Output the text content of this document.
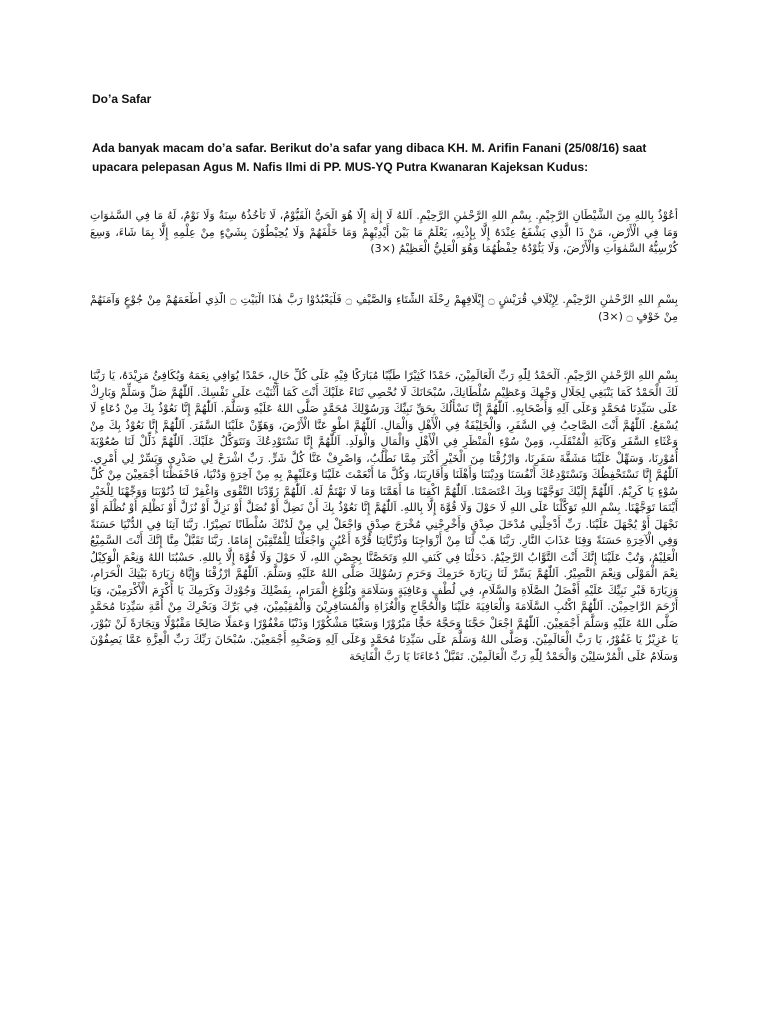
Do’a Safar
Ada banyak macam do’a safar. Berikut do’a safar yang dibaca KH. M. Arifin Fanani (25/08/16) saat upacara pelepasan Agus M. Nafis Ilmi di PP. MUS-YQ Putra Kwanaran Kajeksan Kudus:
أَعُوْذُ بِاللهِ مِنَ الشَّيْطَانِ الرَّجِيْمِ. بِسْمِ اللهِ الرَّحْمٰنِ الرَّحِيْمِ. اَللهُ لَا إِلٰهَ إِلَّا هُوَ الْحَيُّ الْقَيُّوْمُ، لَا تَأْخُذُهُ سِنَةٌ وَلَا نَوْمٌ، لَهُ مَا فِي السَّمٰوَاتِ وَمَا فِي الْأَرْضِ، مَنْ ذَا الَّذِي يَشْفَعُ عِنْدَهُ إِلَّا بِإِذْنِهِ، يَعْلَمُ مَا بَيْنَ أَيْدِيْهِمْ وَمَا خَلْفَهُمْ وَلَا يُحِيْطُوْنَ بِشَيْءٍ مِنْ عِلْمِهِ إِلَّا بِمَا شَاءَ، وَسِعَ كُرْسِيُّهُ السَّمٰوَاتِ وَالْأَرْضَ، وَلَا يَئُوْدُهُ حِفْظُهُمَا وَهُوَ الْعَلِيُّ الْعَظِيْمُ (×3)
بِسْمِ اللهِ الرَّحْمٰنِ الرَّحِيْمِ. لِإِيْلَافِ قُرَيْشٍ ۝ إِيْلَافِهِمْ رِحْلَةَ الشِّتَاءِ وَالصَّيْفِ ۝ فَلْيَعْبُدُوْا رَبَّ هٰذَا الْبَيْتِ ۝ الَّذِي أَطْعَمَهُمْ مِنْ جُوْعٍ وَآمَنَهُمْ مِنْ خَوْفٍ ۝ (×3)
بِسْمِ اللهِ الرَّحْمٰنِ الرَّحِيْمِ. اَلْحَمْدُ لِلّٰهِ رَبِّ الْعَالَمِيْنَ، حَمْدًا كَثِيْرًا طَيِّبًا مُبَارَكًا فِيْهِ عَلَى كُلِّ حَالٍ، حَمْدًا يُوَافِي نِعَمَهُ وَيُكَافِئُ مَزِيْدَهُ، يَا رَبَّنَا لَكَ الْحَمْدُ كَمَا يَنْبَغِي لِجَلَالِ وَجْهِكَ وَعَظِيْمِ سُلْطَانِكَ، سُبْحَانَكَ لَا نُحْصِي ثَنَاءً عَلَيْكَ أَنْتَ كَمَا أَثْنَيْتَ عَلَى نَفْسِكَ. اَللّٰهُمَّ صَلِّ وَسَلِّمْ وَبَارِكْ عَلَى سَيِّدِنَا مُحَمَّدٍ وَعَلَى آلِهِ وَأَصْحَابِهِ. اَللّٰهُمَّ إِنَّا نَسْأَلُكَ بِحَقِّ نَبِيِّكَ وَرَسُوْلِكَ مُحَمَّدٍ صَلَّى اللهُ عَلَيْهِ وَسَلَّمَ. اَللّٰهُمَّ إِنَّا نَعُوْذُ بِكَ مِنْ دُعَاءٍ لَا يُسْمَعُ. اَللّٰهُمَّ أَنْتَ الصَّاحِبُ فِي السَّفَرِ، وَالْخَلِيْفَةُ فِي الْأَهْلِ وَالْمَالِ. اَللّٰهُمَّ اطْوِ عَنَّا الْأَرْضَ، وَهَوِّنْ عَلَيْنَا السَّفَرَ. اَللّٰهُمَّ إِنَّا نَعُوْذُ بِكَ مِنْ وَعْثَاءِ السَّفَرِ وَكَآبَةِ الْمُنْقَلَبِ، وَمِنْ سُوْءِ الْمَنْظَرِ فِي الْأَهْلِ وَالْمَالِ وَالْوَلَدِ. اَللّٰهُمَّ إِنَّا نَسْتَوْدِعُكَ وَنَتَوَكَّلُ عَلَيْكَ. اَللّٰهُمَّ ذَلِّلْ لَنَا صُعُوْبَةَ أُمُوْرِنَا، وَسَهِّلْ عَلَيْنَا مَشَقَّةَ سَفَرِنَا، وَارْزُقْنَا مِنَ الْخَيْرِ أَكْثَرَ مِمَّا نَطْلُبُ، وَاصْرِفْ عَنَّا كُلَّ شَرٍّ. رَبِّ اشْرَحْ لِي صَدْرِي وَيَسِّرْ لِي أَمْرِي. اَللّٰهُمَّ إِنَّا نَسْتَحْفِظُكَ وَنَسْتَوْدِعُكَ أَنْفُسَنَا وَدِيْنَنَا وَأَهْلَنَا وَأَقَارِبَنَا، وَكُلَّ مَا أَنْعَمْتَ عَلَيْنَا وَعَلَيْهِمْ بِهِ مِنْ آخِرَةٍ وَدُنْيَا، فَاحْفَظْنَا أَجْمَعِيْنَ مِنْ كُلِّ سُوْءٍ يَا كَرِيْمُ. اَللّٰهُمَّ إِلَيْكَ تَوَجَّهْنَا وَبِكَ اعْتَصَمْنَا. اَللّٰهُمَّ اكْفِنَا مَا أَهَمَّنَا وَمَا لَا نَهْتَمُّ لَهُ. اَللّٰهُمَّ زَوِّدْنَا التَّقْوَى وَاغْفِرْ لَنَا ذُنُوْبَنَا وَوَجِّهْنَا لِلْخَيْرِ أَيْنَمَا تَوَجَّهْنَا. بِسْمِ اللهِ تَوَكَّلْنَا عَلَى اللهِ لَا حَوْلَ وَلَا قُوَّةَ إِلَّا بِاللهِ. اَللّٰهُمَّ إِنَّا نَعُوْذُ بِكَ أَنْ نَضِلَّ أَوْ نُضَلَّ أَوْ نَزِلَّ أَوْ نُزَلَّ أَوْ نَظْلِمَ أَوْ نُظْلَمَ أَوْ نَجْهَلَ أَوْ يُجْهَلَ عَلَيْنَا. رَبِّ أَدْخِلْنِي مُدْخَلَ صِدْقٍ وَأَخْرِجْنِي مُخْرَجَ صِدْقٍ وَاجْعَلْ لِي مِنْ لَدُنْكَ سُلْطَانًا نَصِيْرًا. رَبَّنَا آتِنَا فِي الدُّنْيَا حَسَنَةً وَفِي الْآخِرَةِ حَسَنَةً وَقِنَا عَذَابَ النَّارِ. رَبَّنَا هَبْ لَنَا مِنْ أَزْوَاجِنَا وَذُرِّيَّاتِنَا قُرَّةَ أَعْيُنٍ وَاجْعَلْنَا لِلْمُتَّقِيْنَ إِمَامًا. رَبَّنَا تَقَبَّلْ مِنَّا إِنَّكَ أَنْتَ السَّمِيْعُ الْعَلِيْمُ، وَتُبْ عَلَيْنَا إِنَّكَ أَنْتَ التَّوَّابُ الرَّحِيْمُ. دَخَلْنَا فِي كَنَفِ اللهِ وَتَحَصَّنَّا بِحِصْنِ اللهِ، لَا حَوْلَ وَلَا قُوَّةَ إِلَّا بِاللهِ. حَسْبُنَا اللهُ وَنِعْمَ الْوَكِيْلُ نِعْمَ الْمَوْلَى وَنِعْمَ النَّصِيْرُ. اَللّٰهُمَّ يَسِّرْ لَنَا زِيَارَةَ حَرَمِكَ وَحَرَمِ رَسُوْلِكَ صَلَّى اللهُ عَلَيْهِ وَسَلَّمَ. اَللّٰهُمَّ ارْزُقْنَا وَإِيَّاهُ زِيَارَةَ بَيْتِكَ الْحَرَامِ، وَزِيَارَةَ قَبْرِ نَبِيِّكَ عَلَيْهِ أَفْضَلُ الصَّلَاةِ وَالسَّلَامِ، فِي لُطْفٍ وَعَافِيَةٍ وَسَلَامَةٍ وَبُلُوْغِ الْمَرَامِ، بِفَضْلِكَ وَجُوْدِكَ وَكَرَمِكَ يَا أَكْرَمَ الْأَكْرَمِيْنَ، وَيَا أَرْحَمَ الرَّاحِمِيْنَ. اَللّٰهُمَّ اكْتُبِ السَّلَامَةَ وَالْعَافِيَةَ عَلَيْنَا وَالْحُجَّاجِ وَالْغُزَاةِ وَالْمُسَافِرِيْنَ وَالْمُقِيْمِيْنَ، فِي بَرِّكَ وَبَحْرِكَ مِنْ أُمَّةِ سَيِّدِنَا مُحَمَّدٍ صَلَّى اللهُ عَلَيْهِ وَسَلَّمَ أَجْمَعِيْنَ. اَللّٰهُمَّ اجْعَلْ حَجَّنَا وَحَجَّهُ حَجًّا مَبْرُوْرًا وَسَعْيًا مَشْكُوْرًا وَذَنْبًا مَغْفُوْرًا وَعَمَلًا صَالِحًا مَقْبُوْلًا وَتِجَارَةً لَنْ تَبُوْرَ، يَا عَزِيْزُ يَا غَفُوْرُ، يَا رَبَّ الْعَالَمِيْنَ. وَصَلَّى اللهُ وَسَلَّمَ عَلَى سَيِّدِنَا مُحَمَّدٍ وَعَلَى آلِهِ وَصَحْبِهِ أَجْمَعِيْنَ. سُبْحَانَ رَبِّكَ رَبِّ الْعِزَّةِ عَمَّا يَصِفُوْنَ وَسَلَامٌ عَلَى الْمُرْسَلِيْنَ وَالْحَمْدُ لِلّٰهِ رَبِّ الْعَالَمِيْنَ. تَقَبَّلْ دُعَاءَنَا يَا رَبَّ الْفَاتِحَة
